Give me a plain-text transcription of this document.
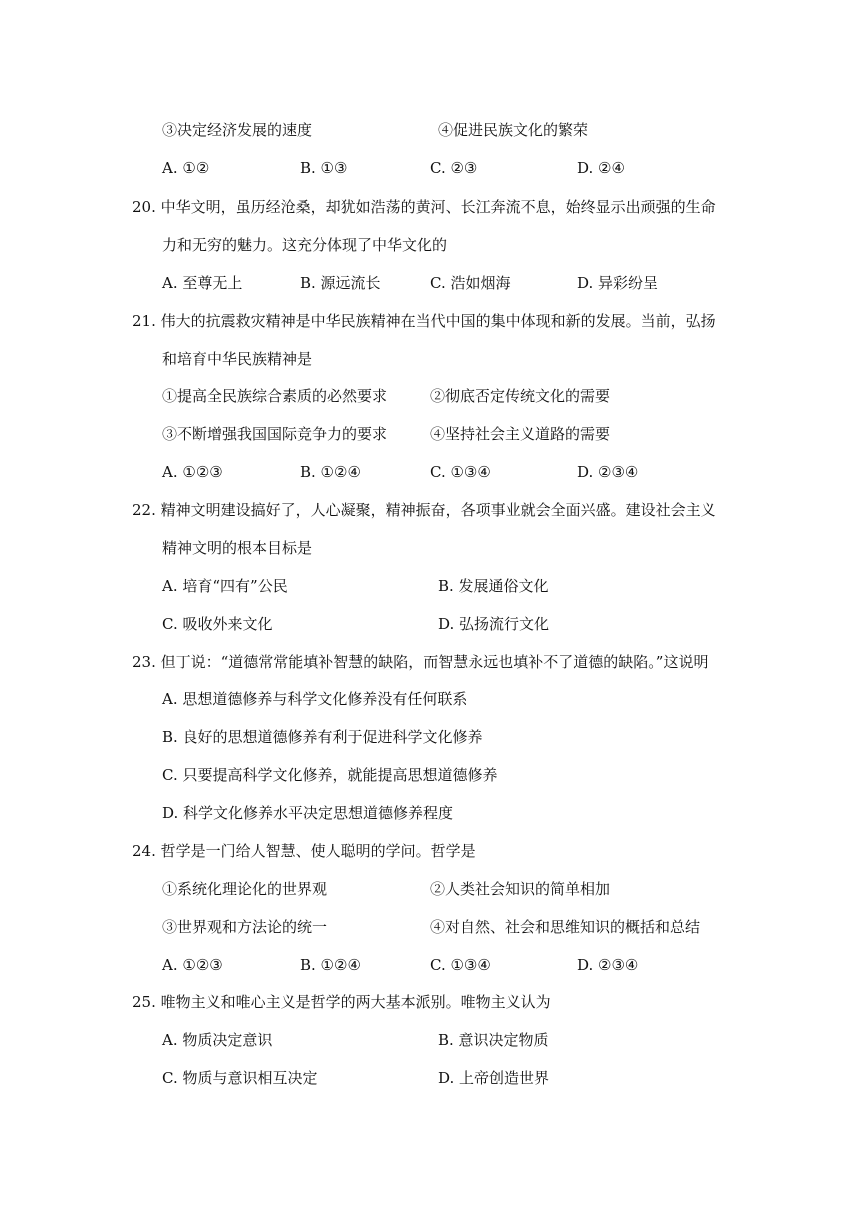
③决定经济发展的速度	④促进民族文化的繁荣
A. ①②	B. ①③	C. ②③	D. ②④
20. 中华文明，虽历经沧桑，却犹如浩荡的黄河、长江奔流不息，始终显示出顽强的生命
力和无穷的魅力。这充分体现了中华文化的
A. 至尊无上	B. 源远流长	C. 浩如烟海	D. 异彩纷呈
21. 伟大的抗震救灾精神是中华民族精神在当代中国的集中体现和新的发展。当前，弘扬
和培育中华民族精神是
①提高全民族综合素质的必然要求	②彻底否定传统文化的需要
③不断增强我国国际竞争力的要求	④坚持社会主义道路的需要
A. ①②③	B. ①②④	C. ①③④	D. ②③④
22. 精神文明建设搞好了，人心凝聚，精神振奋，各项事业就会全面兴盛。建设社会主义
精神文明的根本目标是
A. 培育“四有”公民	B. 发展通俗文化
C. 吸收外来文化	D. 弘扬流行文化
23. 但丁说：“道德常常能填补智慧的缺陷，而智慧永远也填补不了道德的缺陷。”这说明
A. 思想道德修养与科学文化修养没有任何联系
B. 良好的思想道德修养有利于促进科学文化修养
C. 只要提高科学文化修养，就能提高思想道德修养
D. 科学文化修养水平决定思想道德修养程度
24. 哲学是一门给人智慧、使人聪明的学问。哲学是
①系统化理论化的世界观	②人类社会知识的简单相加
③世界观和方法论的统一	④对自然、社会和思维知识的概括和总结
A. ①②③	B. ①②④	C. ①③④	D. ②③④
25. 唯物主义和唯心主义是哲学的两大基本派别。唯物主义认为
A. 物质决定意识	B. 意识决定物质
C. 物质与意识相互决定	D. 上帝创造世界
